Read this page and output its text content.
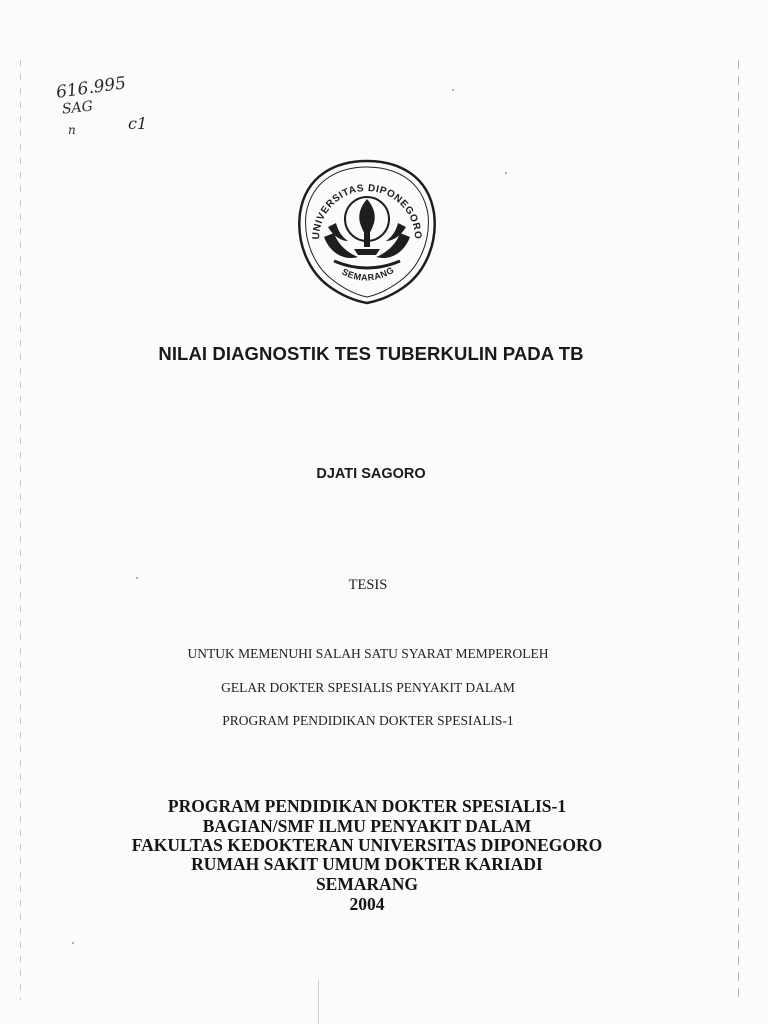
616.995
SAG
n	c1
UNIVERSITAS DIPONEGORO
SEMARANG
NILAI DIAGNOSTIK TES TUBERKULIN PADA TB
DJATI SAGORO
TESIS
UNTUK MEMENUHI SALAH SATU SYARAT MEMPEROLEH
GELAR DOKTER SPESIALIS PENYAKIT DALAM
PROGRAM PENDIDIKAN DOKTER SPESIALIS-1
PROGRAM PENDIDIKAN DOKTER SPESIALIS-1
BAGIAN/SMF ILMU PENYAKIT DALAM
FAKULTAS KEDOKTERAN UNIVERSITAS DIPONEGORO
RUMAH SAKIT UMUM DOKTER KARIADI
SEMARANG
2004
